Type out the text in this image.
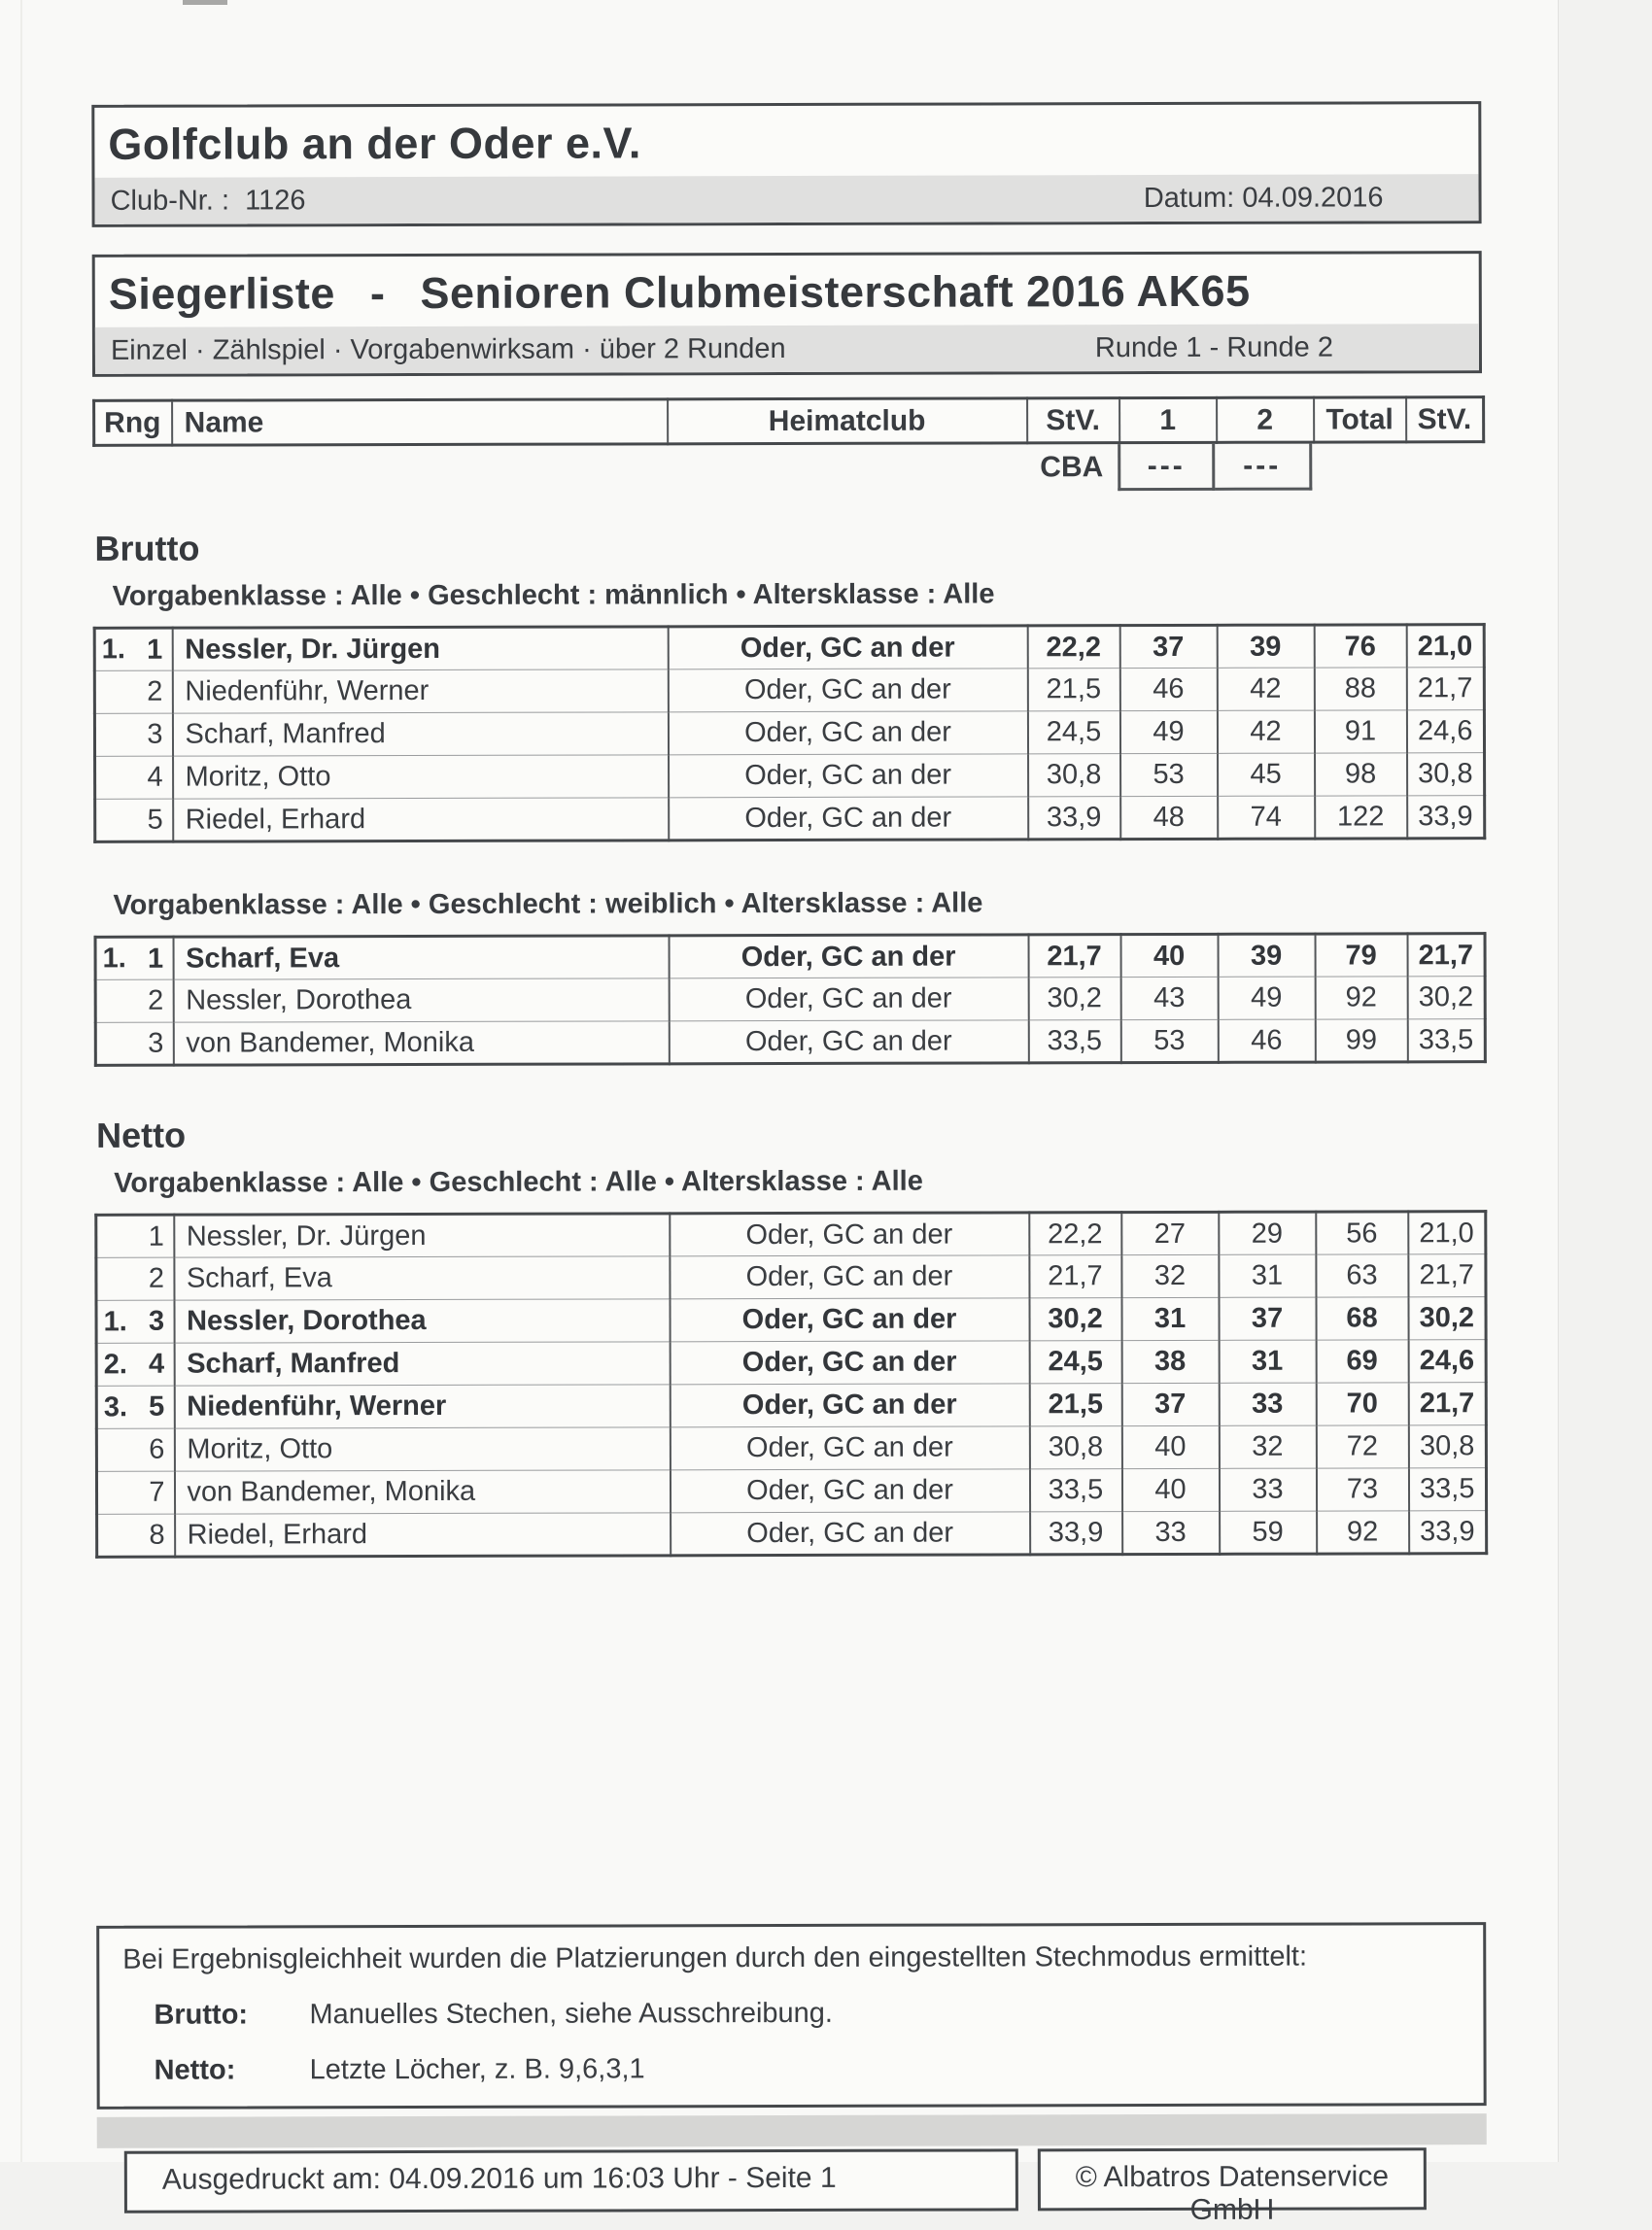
Golfclub an der Oder e.V.
Club-Nr. : 1126	Datum: 04.09.2016
Siegerliste - Senioren Clubmeisterschaft 2016 AK65
Einzel · Zählspiel · Vorgabenwirksam · über 2 Runden	Runde 1 - Runde 2
Rng	Name	Heimatclub	StV.	1	2	Total	StV.
CBA	---	---
Brutto
Vorgabenklasse : Alle • Geschlecht : männlich • Altersklasse : Alle
1. 1	Nessler, Dr. Jürgen	Oder, GC an der	22,2	37	39	76	21,0

2	Niedenführ, Werner	Oder, GC an der	21,5	46	42	88	21,7

3	Scharf, Manfred	Oder, GC an der	24,5	49	42	91	24,6

4	Moritz, Otto	Oder, GC an der	30,8	53	45	98	30,8

5	Riedel, Erhard	Oder, GC an der	33,9	48	74	122	33,9
Vorgabenklasse : Alle • Geschlecht : weiblich • Altersklasse : Alle
1. 1	Scharf, Eva	Oder, GC an der	21,7	40	39	79	21,7

2	Nessler, Dorothea	Oder, GC an der	30,2	43	49	92	30,2

3	von Bandemer, Monika	Oder, GC an der	33,5	53	46	99	33,5
Netto
Vorgabenklasse : Alle • Geschlecht : Alle • Altersklasse : Alle
1	Nessler, Dr. Jürgen	Oder, GC an der	22,2	27	29	56	21,0

2	Scharf, Eva	Oder, GC an der	21,7	32	31	63	21,7

1. 3	Nessler, Dorothea	Oder, GC an der	30,2	31	37	68	30,2

2. 4	Scharf, Manfred	Oder, GC an der	24,5	38	31	69	24,6

3. 5	Niedenführ, Werner	Oder, GC an der	21,5	37	33	70	21,7

6	Moritz, Otto	Oder, GC an der	30,8	40	32	72	30,8

7	von Bandemer, Monika	Oder, GC an der	33,5	40	33	73	33,5

8	Riedel, Erhard	Oder, GC an der	33,9	33	59	92	33,9
Bei Ergebnisgleichheit wurden die Platzierungen durch den eingestellten Stechmodus ermittelt:
Brutto: Manuelles Stechen, siehe Ausschreibung.
Netto:	Letzte Löcher, z. B. 9,6,3,1
Ausgedruckt am: 04.09.2016 um 16:03 Uhr - Seite 1	© Albatros Datenservice GmbH
